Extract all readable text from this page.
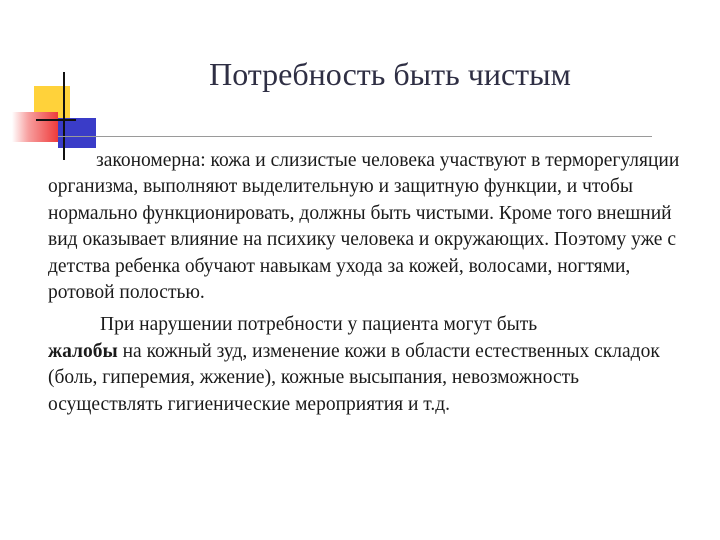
Потребность быть чистым

закономерна: кожа и слизистые человека участвуют в терморегуляции организма, выполняют выделительную и защитную функции, и чтобы нормально функционировать, должны быть чистыми. Кроме того внешний вид оказывает влияние на психику человека и окружающих. Поэтому уже с детства ребенка обучают навыкам ухода за кожей, волосами, ногтями, ротовой полостью.

При нарушении потребности у пациента могут быть
жалобы на кожный зуд, изменение кожи в области естественных складок (боль, гиперемия, жжение), кожные высыпания, невозможность осуществлять гигиенические мероприятия и т.д.
